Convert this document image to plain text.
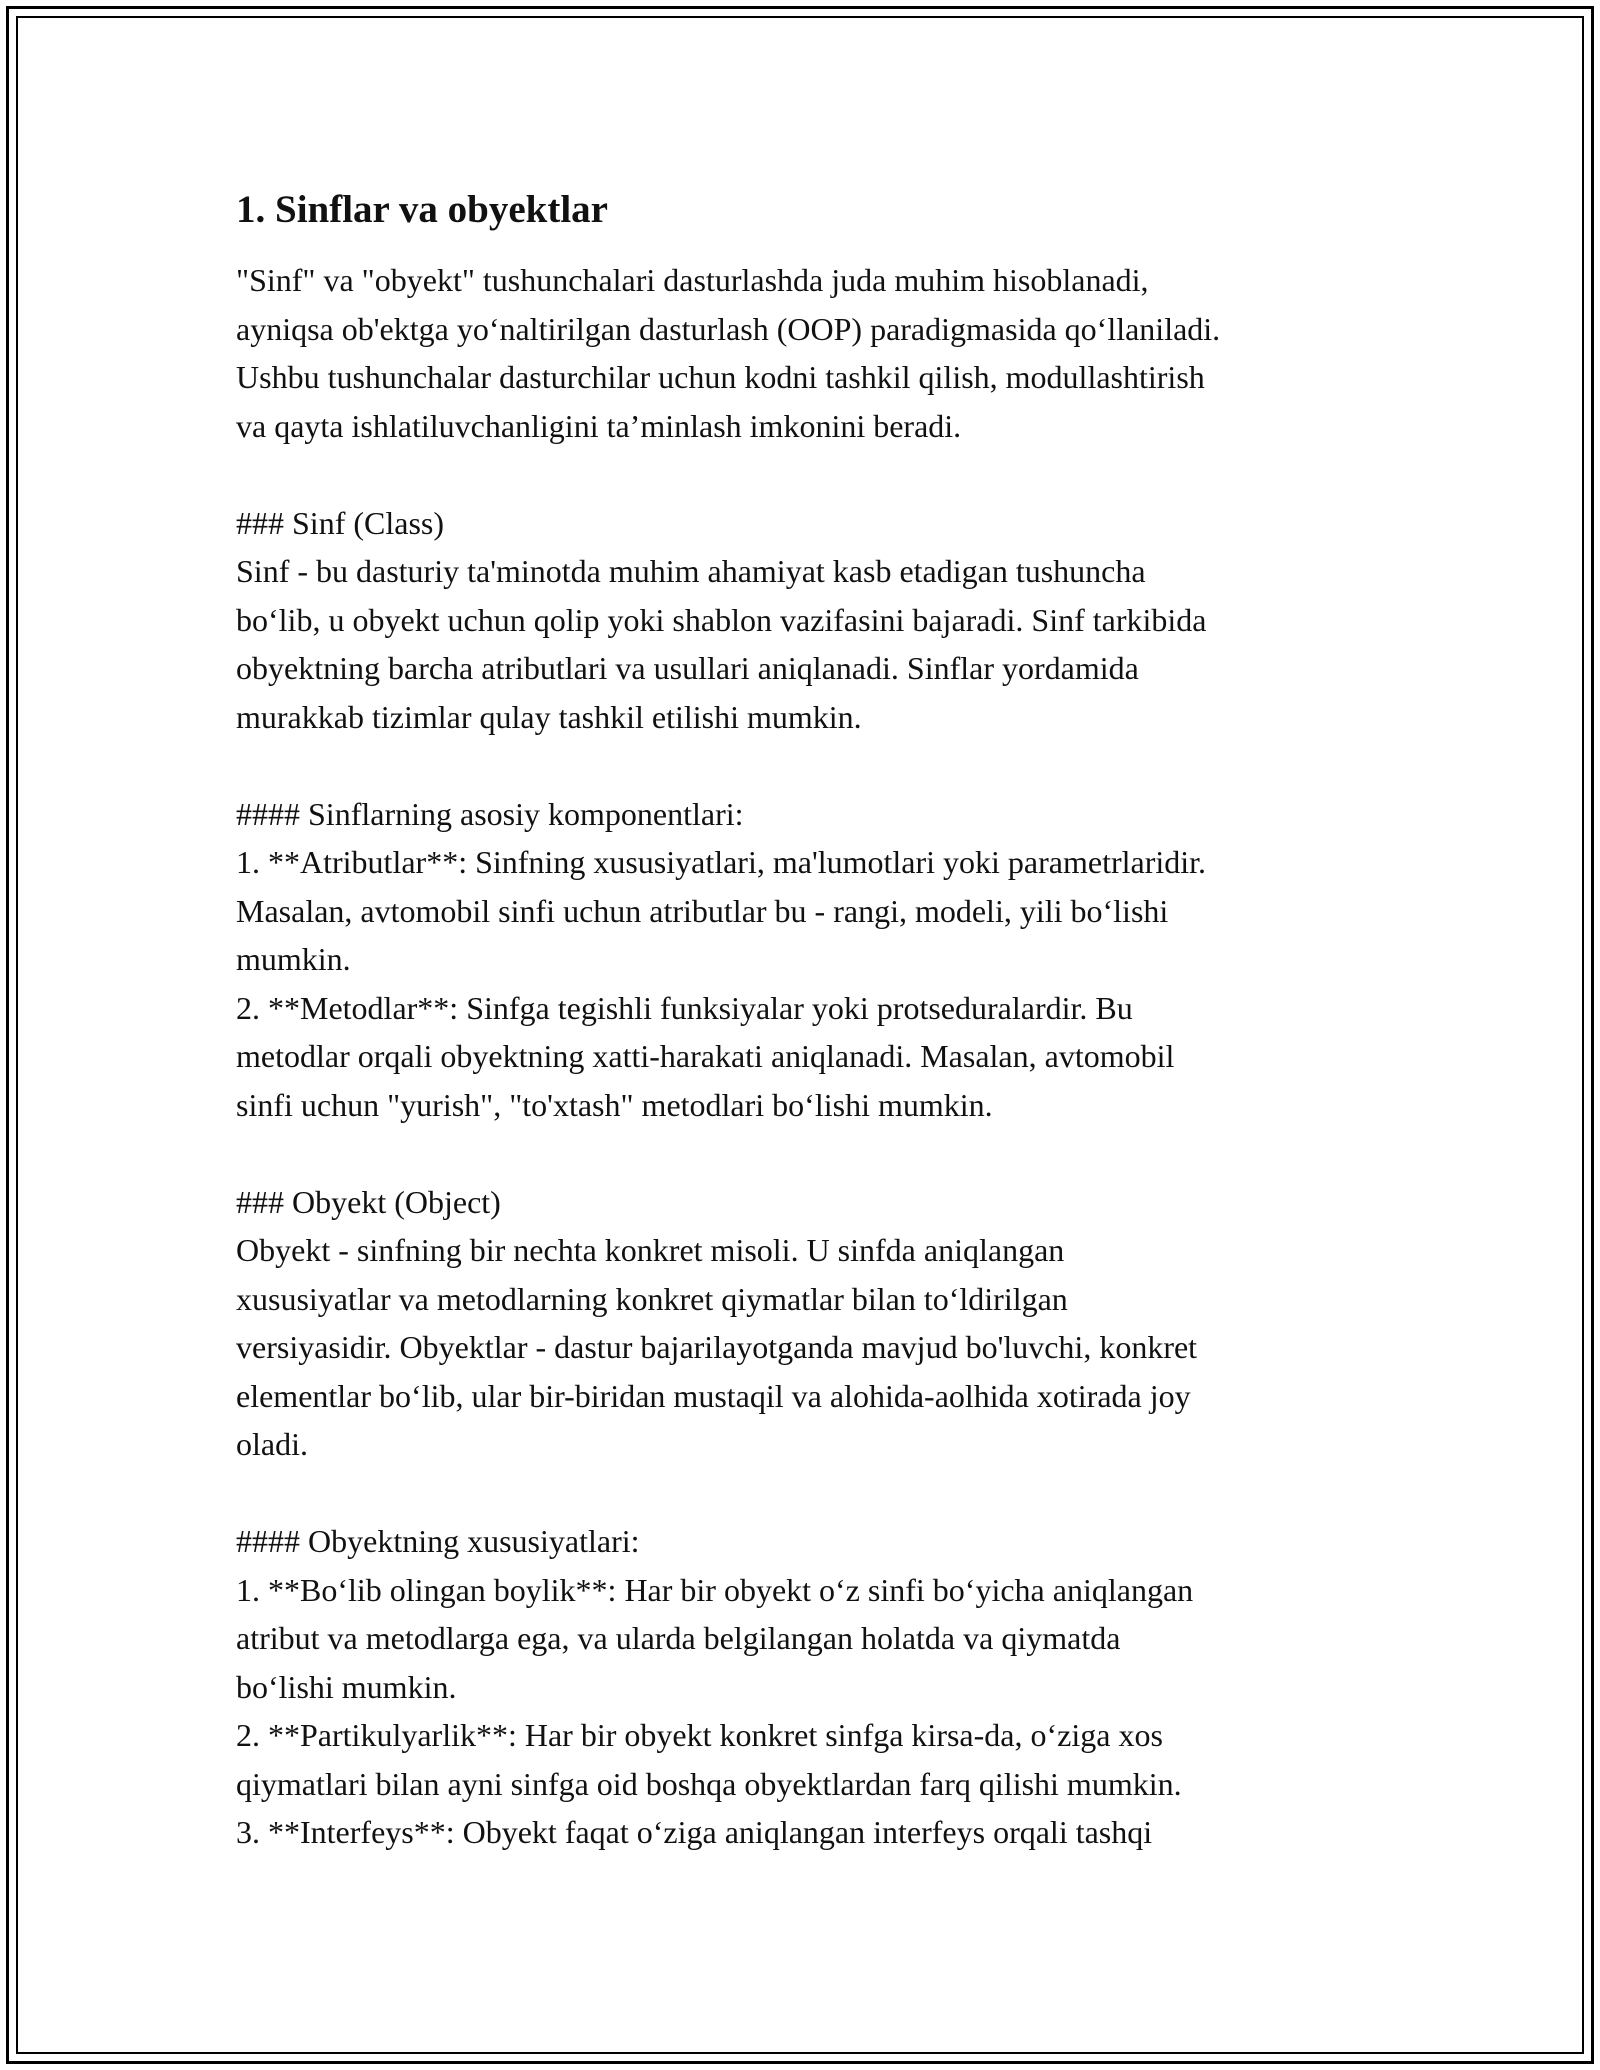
1. Sinflar va obyektlar

"Sinf" va "obyekt" tushunchalari dasturlashda juda muhim hisoblanadi,
ayniqsa ob'ektga yo‘naltirilgan dasturlash (OOP) paradigmasida qo‘llaniladi.
Ushbu tushunchalar dasturchilar uchun kodni tashkil qilish, modullashtirish
va qayta ishlatiluvchanligini ta’minlash imkonini beradi.

### Sinf (Class)
Sinf - bu dasturiy ta'minotda muhim ahamiyat kasb etadigan tushuncha
bo‘lib, u obyekt uchun qolip yoki shablon vazifasini bajaradi. Sinf tarkibida
obyektning barcha atributlari va usullari aniqlanadi. Sinflar yordamida
murakkab tizimlar qulay tashkil etilishi mumkin.

#### Sinflarning asosiy komponentlari:
1. **Atributlar**: Sinfning xususiyatlari, ma'lumotlari yoki parametrlaridir.
Masalan, avtomobil sinfi uchun atributlar bu - rangi, modeli, yili bo‘lishi
mumkin.
2. **Metodlar**: Sinfga tegishli funksiyalar yoki protseduralardir. Bu
metodlar orqali obyektning xatti-harakati aniqlanadi. Masalan, avtomobil
sinfi uchun "yurish", "to'xtash" metodlari bo‘lishi mumkin.

### Obyekt (Object)
Obyekt - sinfning bir nechta konkret misoli. U sinfda aniqlangan
xususiyatlar va metodlarning konkret qiymatlar bilan to‘ldirilgan
versiyasidir. Obyektlar - dastur bajarilayotganda mavjud bo'luvchi, konkret
elementlar bo‘lib, ular bir-biridan mustaqil va alohida-aolhida xotirada joy
oladi.

#### Obyektning xususiyatlari:
1. **Bo‘lib olingan boylik**: Har bir obyekt o‘z sinfi bo‘yicha aniqlangan
atribut va metodlarga ega, va ularda belgilangan holatda va qiymatda
bo‘lishi mumkin.
2. **Partikulyarlik**: Har bir obyekt konkret sinfga kirsa-da, o‘ziga xos
qiymatlari bilan ayni sinfga oid boshqa obyektlardan farq qilishi mumkin.
3. **Interfeys**: Obyekt faqat o‘ziga aniqlangan interfeys orqali tashqi
